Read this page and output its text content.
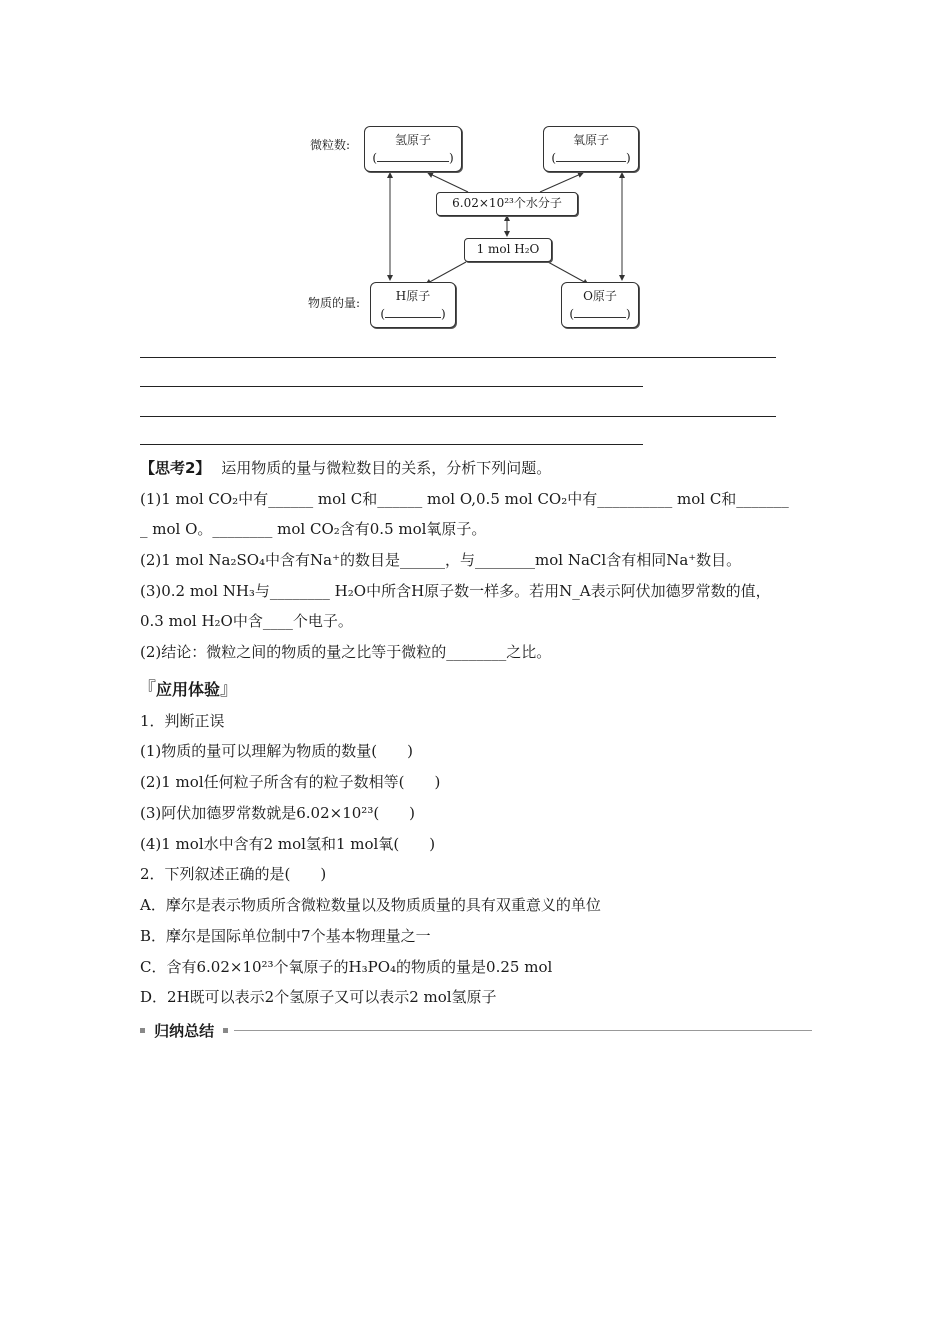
微粒数:
物质的量:
氢原子
(	)
氧原子
(	)
6.02×10²³个水分子
1 mol H₂O
H原子
(	)
O原子
(	)
【思考2】 运用物质的量与微粒数目的关系，分析下列问题。
(1)1 mol CO₂中有______ mol C和______ mol O,0.5 mol CO₂中有__________ mol C和_______
_ mol O。________ mol CO₂含有0.5 mol氧原子。
(2)1 mol Na₂SO₄中含有Na⁺的数目是______，与________mol NaCl含有相同Na⁺数目。
(3)0.2 mol NH₃与________ H₂O中所含H原子数一样多。若用N_A表示阿伏加德罗常数的值，
0.3 mol H₂O中含____个电子。
(2)结论：微粒之间的物质的量之比等于微粒的________之比。
『应用体验』
1．判断正误
(1)物质的量可以理解为物质的数量(　　)
(2)1 mol任何粒子所含有的粒子数相等(　　)
(3)阿伏加德罗常数就是6.02×10²³(　　)
(4)1 mol水中含有2 mol氢和1 mol氧(　　)
2．下列叙述正确的是(　　)
A．摩尔是表示物质所含微粒数量以及物质质量的具有双重意义的单位
B．摩尔是国际单位制中7个基本物理量之一
C．含有6.02×10²³个氧原子的H₃PO₄的物质的量是0.25 mol
D．2H既可以表示2个氢原子又可以表示2 mol氢原子
归纳总结
